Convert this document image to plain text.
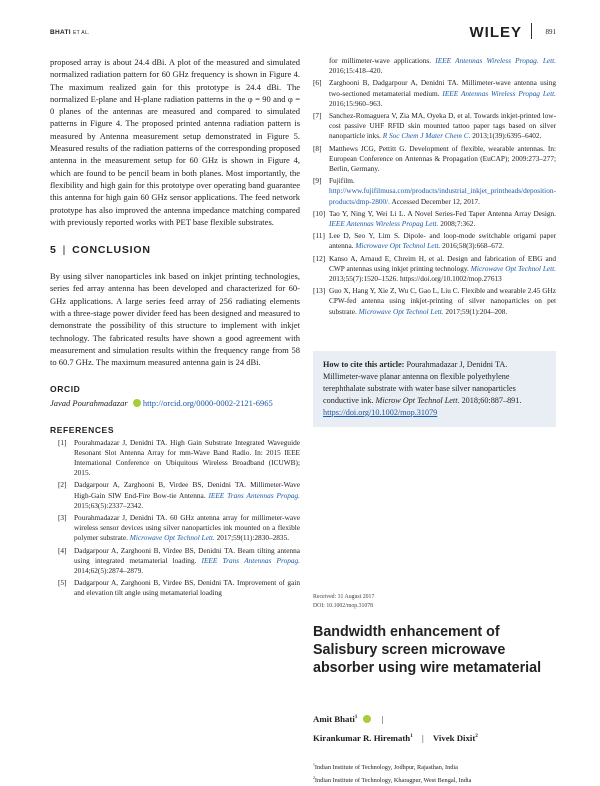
BHATI ET AL.	WILEY	891

proposed array is about 24.4 dBi. A plot of the measured and simulated normalized radiation pattern for 60 GHz frequency is shown in Figure 4. The maximum realized gain for this prototype is 24.4 dBi. The normalized E-plane and H-plane radiation patterns in the φ = 90 and φ = 0 planes of the antennas are measured and compared to simulated patterns in Figure 4. The proposed printed antenna radiation pattern is measured by Antenna measurement setup demonstrated in Figure 5. Measured results of the radiation patterns of the corresponding proposed antenna in the measurement setup for 60 GHz is shown in Figure 4, which are found to be pencil beam in both planes. Most importantly, the flexibility and high gain for this prototype over operating band guarantee this antenna for high gain 60 GHz sensor applications. The feed network prototype has also improved the antenna impedance matching compared with previously reported works with PET base flexible substrates.

5 | CONCLUSION

By using silver nanoparticles ink based on inkjet printing technologies, series fed array antenna has been developed and characterized for 60-GHz applications. A large series feed array of 256 radiating elements with a three-stage power divider feed has been designed and measured to demonstrate the possibility of this structure to implement with inkjet technology. The fabricated results have shown a good agreement with measurement and simulation results within the frequency range from 58 to 60.7 GHz. The maximum measured antenna gain is 24 dBi.

ORCID

Javad Pourahmadazar http://orcid.org/0000-0002-2121-6965

REFERENCES
[1] Pourahmadazar J, Denidni TA. High Gain Substrate Integrated Waveguide Resonant Slot Antenna Array for mm-Wave Band Radio. In: 2015 IEEE International Conference on Ubiquitous Wireless Broadband (ICUWB); 2015.
[2] Dadgarpour A, Zarghooni B, Virdee BS, Denidni TA. Millimeter-Wave High-Gain SIW End-Fire Bow-tie Antenna. IEEE Trans Antennas Propag. 2015;63(5):2337–2342.
[3] Pourahmadazar J, Denidni TA. 60 GHz antenna array for millimeter-wave wireless sensor devices using silver nanoparticles ink mounted on a flexible polymer substrate. Microwave Opt Technol Lett. 2017;59(11):2830–2835.
[4] Dadgarpour A, Zarghooni B, Virdee BS, Denidni TA. Beam tilting antenna using integrated metamaterial loading. IEEE Trans Antennas Propag. 2014;62(5):2874–2879.
[5] Dadgarpour A, Zarghooni B, Virdee BS, Denidni TA. Improvement of gain and elevation tilt angle using metamaterial loading
for millimeter-wave applications. IEEE Antennas Wireless Propag. Lett. 2016;15:418–420.
[6] Zarghooni B, Dadgarpour A, Denidni TA. Millimeter-wave antenna using two-sectioned metamaterial medium. IEEE Antennas Wireless Propag Lett. 2016;15:960–963.
[7] Sanchez-Romaguera V, Zia MA, Oyeka D, et al. Towards inkjet-printed low-cost passive UHF RFID skin mounted tattoo paper tags based on silver nanoparticle inks. R Soc Chem J Mater Chem C. 2013;1(39):6395–6402.
[8] Matthews JCG, Pettitt G. Development of flexible, wearable antennas. In: European Conference on Antennas & Propagation (EuCAP); 2009:273–277; Berlin, Germany.
[9] Fujifilm. http://www.fujifilmusa.com/products/industrial_inkjet_printheads/deposition-products/dmp-2800/. Accessed December 12, 2017.
[10] Tao Y, Ning Y, Wei Li L. A Novel Series-Fed Taper Antenna Array Design. IEEE Antennas Wireless Propag Lett. 2008;7:362.
[11] Lee D, Seo Y, Lim S. Dipole- and loop-mode switchable origami paper antenna. Microwave Opt Technol Lett. 2016;58(3):668–672.
[12] Kanso A, Arnaud E, Chreim H, et al. Design and fabrication of EBG and CWP antennas using inkjet printing technology. Microwave Opt Technol Lett. 2013;55(7):1520–1526. https://doi.org/10.1002/mop.27613
[13] Guo X, Hang Y, Xie Z, Wu C, Gao L, Liu C. Flexible and wearable 2.45 GHz CPW-fed antenna using inkjet-printing of silver nanoparticles on pet substrate. Microwave Opt Technol Lett. 2017;59(1):204–208.
How to cite this article: Pourahmadazar J, Denidni TA. Millimeter-wave planar antenna on flexible polyethylene terephthalate substrate with water base silver nanoparticles conductive ink. Microw Opt Technol Lett. 2018;60:887–891. https://doi.org/10.1002/mop.31079
Received: 31 August 2017
DOI: 10.1002/mop.31078
Bandwidth enhancement of Salisbury screen microwave absorber using wire metamaterial
Amit Bhati$^1$	|
Kirankumar R. Hiremath$^1$ | Vivek Dixit$^2$
$^1$Indian Institute of Technology, Jodhpur, Rajasthan, India
$^2$Indian Institute of Technology, Kharagpur, West Bengal, India
